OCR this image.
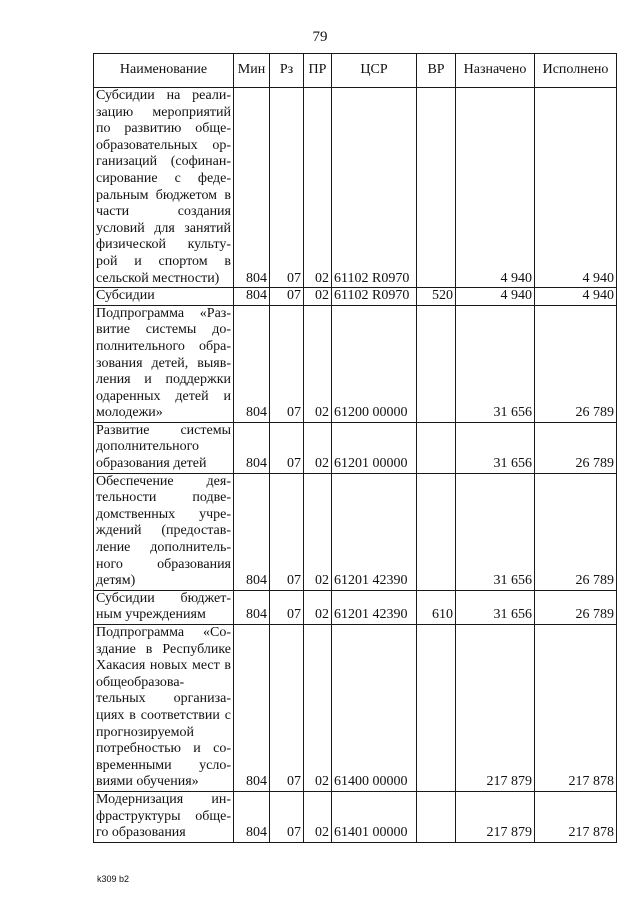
79
Наименование	Мин	Рз	ПР	ЦСР	ВР	Назначено	Исполнено
Субсидии на реали-зацию мероприятий по развитию обще-образовательных ор-ганизаций (софинан-сирование с феде-ральным бюджетом в части создания условий для занятий физической культу-рой и спортом в сельской местности)	804	07	02	61102 R0970		4 940	4 940
Субсидии	804	07	02	61102 R0970	520	4 940	4 940
Подпрограмма «Раз-витие системы до-полнительного обра-зования детей, выяв-ления и поддержки одаренных детей и молодежи»	804	07	02	61200 00000		31 656	26 789
Развитие системы дополнительного образования детей	804	07	02	61201 00000		31 656	26 789
Обеспечение дея-тельности подве-домственных учре-ждений (предостав-ление дополнитель-ного образования детям)	804	07	02	61201 42390		31 656	26 789
Субсидии бюджет-ным учреждениям	804	07	02	61201 42390	610	31 656	26 789
Подпрограмма «Со-здание в Республике Хакасия новых мест в общеобразова-тельных организа-циях в соответствии с прогнозируемой потребностью и со-временными усло-виями обучения»	804	07	02	61400 00000		217 879	217 878
Модернизация ин-фраструктуры обще-го образования	804	07	02	61401 00000		217 879	217 878
k309 b2
